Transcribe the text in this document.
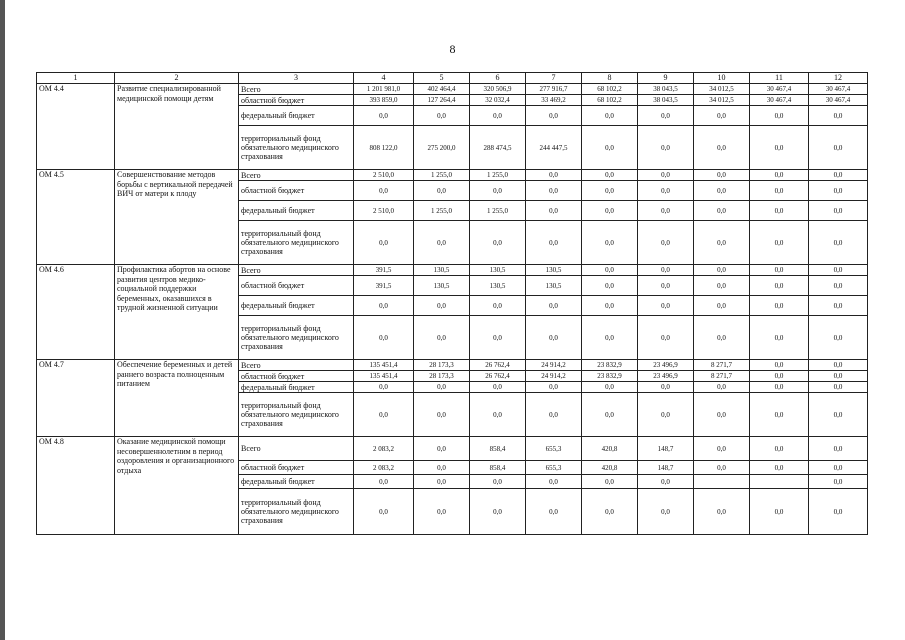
8
1	2	3	4	5	6	7	8	9	10	11	12
ОМ 4.4	Развитие специализированной медицинской помощи детям	Всего	1 201 981,0	402 464,4	320 506,9	277 916,7	68 102,2	38 043,5	34 012,5	30 467,4	30 467,4
		областной бюджет	393 859,0	127 264,4	32 032,4	33 469,2	68 102,2	38 043,5	34 012,5	30 467,4	30 467,4
		федеральный бюджет	0,0	0,0	0,0	0,0	0,0	0,0	0,0	0,0	0,0
		территориальный фонд обязательного медицинского страхования	808 122,0	275 200,0	288 474,5	244 447,5	0,0	0,0	0,0	0,0	0,0
ОМ 4.5	Совершенствование методов борьбы с вертикальной передачей ВИЧ от матери к плоду	Всего	2 510,0	1 255,0	1 255,0	0,0	0,0	0,0	0,0	0,0	0,0
		областной бюджет	0,0	0,0	0,0	0,0	0,0	0,0	0,0	0,0	0,0
		федеральный бюджет	2 510,0	1 255,0	1 255,0	0,0	0,0	0,0	0,0	0,0	0,0
		территориальный фонд обязательного медицинского страхования	0,0	0,0	0,0	0,0	0,0	0,0	0,0	0,0	0,0
ОМ 4.6	Профилактика абортов на основе развития центров медико-социальной поддержки беременных, оказавшихся в трудной жизненной ситуации	Всего	391,5	130,5	130,5	130,5	0,0	0,0	0,0	0,0	0,0
		областной бюджет	391,5	130,5	130,5	130,5	0,0	0,0	0,0	0,0	0,0
		федеральный бюджет	0,0	0,0	0,0	0,0	0,0	0,0	0,0	0,0	0,0
		территориальный фонд обязательного медицинского страхования	0,0	0,0	0,0	0,0	0,0	0,0	0,0	0,0	0,0
ОМ 4.7	Обеспечение беременных и детей раннего возраста полноценным питанием	Всего	135 451,4	28 173,3	26 762,4	24 914,2	23 832,9	23 496,9	8 271,7	0,0	0,0
		областной бюджет	135 451,4	28 173,3	26 762,4	24 914,2	23 832,9	23 496,9	8 271,7	0,0	0,0
		федеральный бюджет	0,0	0,0	0,0	0,0	0,0	0,0	0,0	0,0	0,0
		территориальный фонд обязательного медицинского страхования	0,0	0,0	0,0	0,0	0,0	0,0	0,0	0,0	0,0
ОМ 4.8	Оказание медицинской помощи несовершеннолетним в период оздоровления и организационного отдыха	Всего	2 083,2	0,0	858,4	655,3	420,8	148,7	0,0	0,0	0,0
		областной бюджет	2 083,2	0,0	858,4	655,3	420,8	148,7	0,0	0,0	0,0
		федеральный бюджет	0,0	0,0	0,0	0,0	0,0	0,0			0,0
		территориальный фонд обязательного медицинского страхования	0,0	0,0	0,0	0,0	0,0	0,0	0,0	0,0	0,0
